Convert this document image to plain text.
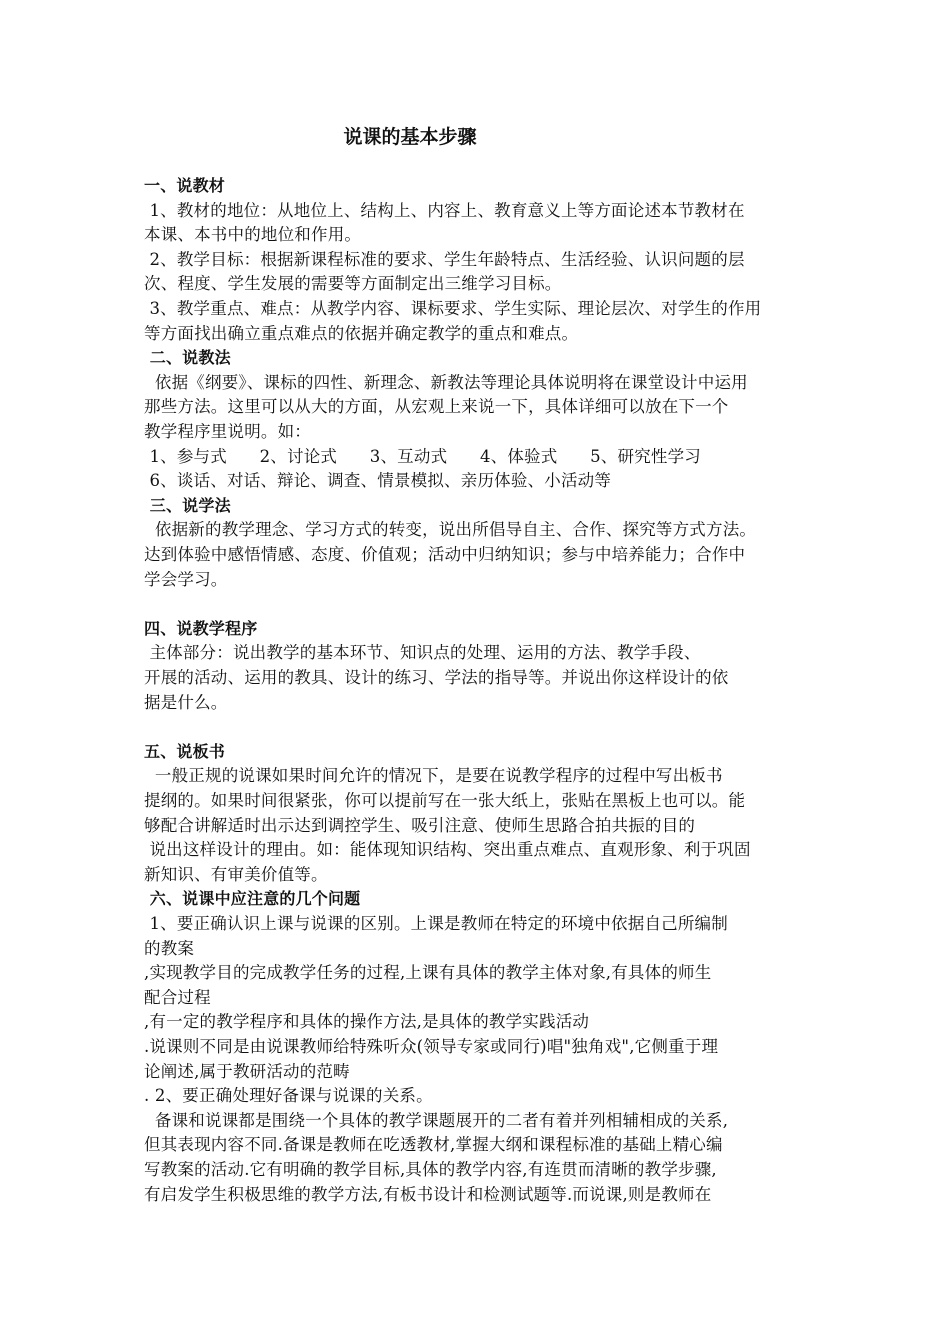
说课的基本步骤
一、说教材
1、教材的地位：从地位上、结构上、内容上、教育意义上等方面论述本节教材在
本课、本书中的地位和作用。
2、教学目标：根据新课程标准的要求、学生年龄特点、生活经验、认识问题的层
次、程度、学生发展的需要等方面制定出三维学习目标。
3、教学重点、难点：从教学内容、课标要求、学生实际、理论层次、对学生的作用
等方面找出确立重点难点的依据并确定教学的重点和难点。
二、说教法
依据《纲要》、课标的四性、新理念、新教法等理论具体说明将在课堂设计中运用
那些方法。这里可以从大的方面，从宏观上来说一下，具体详细可以放在下一个
教学程序里说明。如：
1、参与式      2、讨论式      3、互动式      4、体验式      5、研究性学习
6、谈话、对话、辩论、调查、情景模拟、亲历体验、小活动等
三、说学法
依据新的教学理念、学习方式的转变，说出所倡导自主、合作、探究等方式方法。
达到体验中感悟情感、态度、价值观；活动中归纳知识；参与中培养能力；合作中
学会学习。
四、说教学程序
主体部分：说出教学的基本环节、知识点的处理、运用的方法、教学手段、
开展的活动、运用的教具、设计的练习、学法的指导等。并说出你这样设计的依
据是什么。
五、说板书
一般正规的说课如果时间允许的情况下，是要在说教学程序的过程中写出板书
提纲的。如果时间很紧张，你可以提前写在一张大纸上，张贴在黑板上也可以。能
够配合讲解适时出示达到调控学生、吸引注意、使师生思路合拍共振的目的
说出这样设计的理由。如：能体现知识结构、突出重点难点、直观形象、利于巩固
新知识、有审美价值等。
六、说课中应注意的几个问题
1、要正确认识上课与说课的区别。上课是教师在特定的环境中依据自己所编制
的教案
,实现教学目的完成教学任务的过程,上课有具体的教学主体对象,有具体的师生
配合过程
,有一定的教学程序和具体的操作方法,是具体的教学实践活动
.说课则不同是由说课教师给特殊听众(领导专家或同行)唱"独角戏",它侧重于理
论阐述,属于教研活动的范畴
. 2、要正确处理好备课与说课的关系。
备课和说课都是围绕一个具体的教学课题展开的二者有着并列相辅相成的关系,
但其表现内容不同.备课是教师在吃透教材,掌握大纲和课程标准的基础上精心编
写教案的活动.它有明确的教学目标,具体的教学内容,有连贯而清晰的教学步骤,
有启发学生积极思维的教学方法,有板书设计和检测试题等.而说课,则是教师在
